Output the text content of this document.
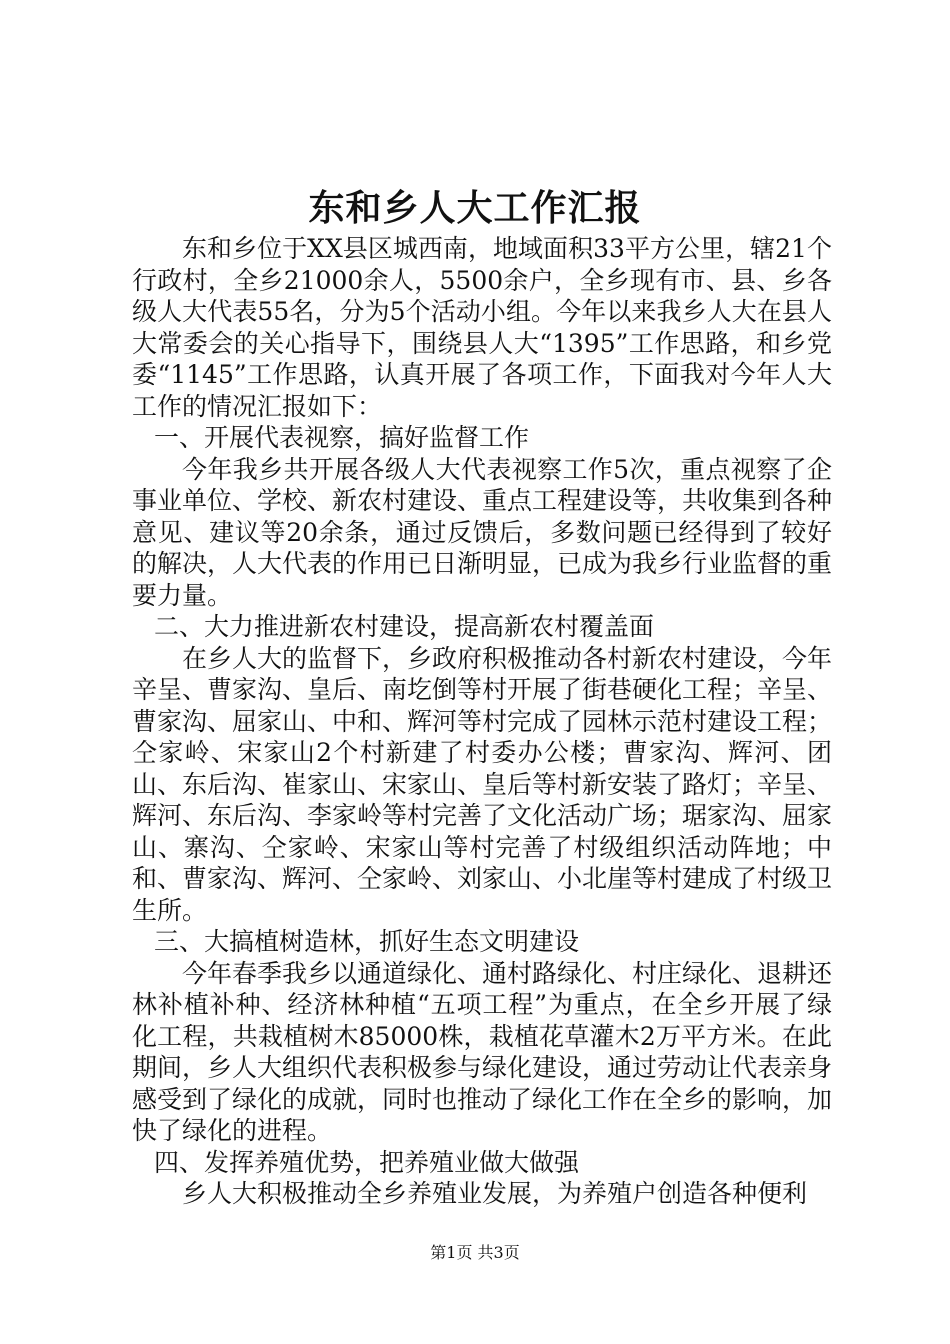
东和乡人大工作汇报

东和乡位于XX县区城西南，地域面积33平方公里，辖21个行政村，全乡21000余人，5500余户，全乡现有市、县、乡各级人大代表55名，分为5个活动小组。今年以来我乡人大在县人大常委会的关心指导下，围绕县人大“1395”工作思路，和乡党委“1145”工作思路，认真开展了各项工作，下面我对今年人大工作的情况汇报如下：

一、开展代表视察，搞好监督工作

今年我乡共开展各级人大代表视察工作5次，重点视察了企事业单位、学校、新农村建设、重点工程建设等，共收集到各种意见、建议等20余条，通过反馈后，多数问题已经得到了较好的解决，人大代表的作用已日渐明显，已成为我乡行业监督的重要力量。

二、大力推进新农村建设，提高新农村覆盖面

在乡人大的监督下，乡政府积极推动各村新农村建设，今年辛呈、曹家沟、皇后、南圪倒等村开展了街巷硬化工程；辛呈、曹家沟、屈家山、中和、辉河等村完成了园林示范村建设工程；仝家岭、宋家山2个村新建了村委办公楼；曹家沟、辉河、团山、东后沟、崔家山、宋家山、皇后等村新安装了路灯；辛呈、辉河、东后沟、李家岭等村完善了文化活动广场；琚家沟、屈家山、寨沟、仝家岭、宋家山等村完善了村级组织活动阵地；中和、曹家沟、辉河、仝家岭、刘家山、小北崖等村建成了村级卫生所。

三、大搞植树造林，抓好生态文明建设

今年春季我乡以通道绿化、通村路绿化、村庄绿化、退耕还林补植补种、经济林种植“五项工程”为重点，在全乡开展了绿化工程，共栽植树木85000株，栽植花草灌木2万平方米。在此期间，乡人大组织代表积极参与绿化建设，通过劳动让代表亲身感受到了绿化的成就，同时也推动了绿化工作在全乡的影响，加快了绿化的进程。

四、发挥养殖优势，把养殖业做大做强

乡人大积极推动全乡养殖业发展，为养殖户创造各种便利

第1页 共3页
